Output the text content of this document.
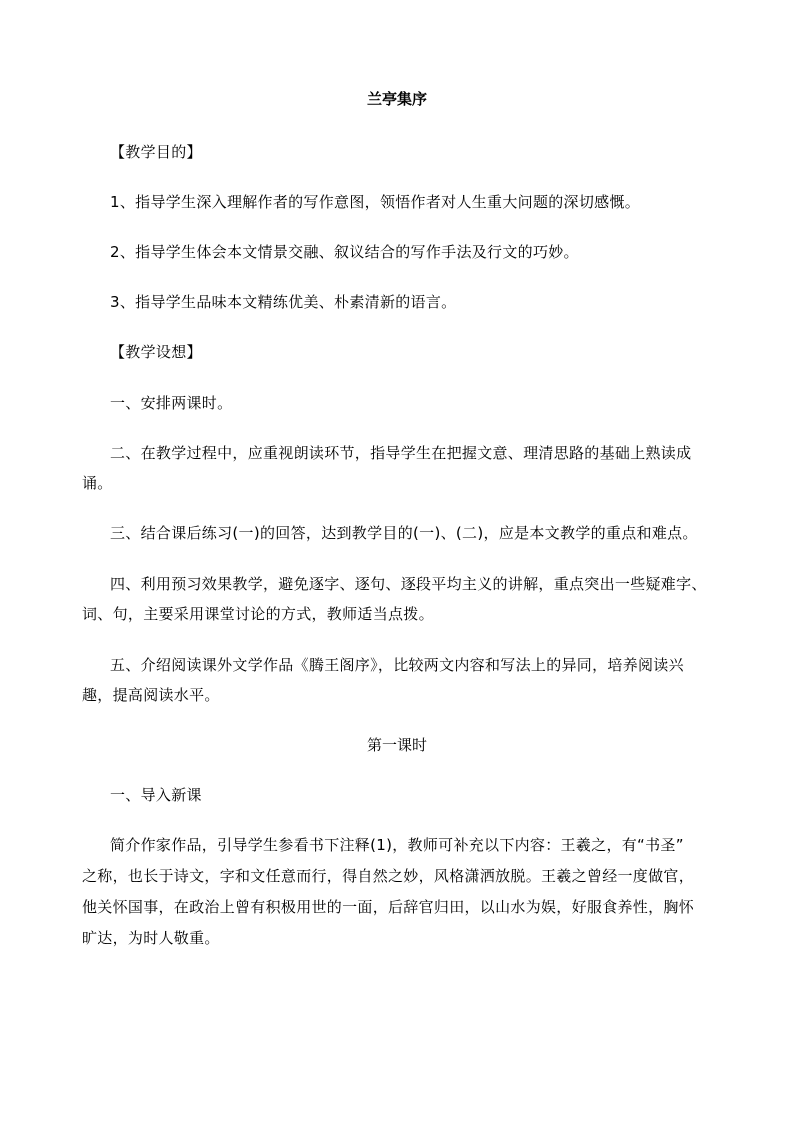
兰亭集序
【教学目的】
1、指导学生深入理解作者的写作意图，领悟作者对人生重大问题的深切感慨。
2、指导学生体会本文情景交融、叙议结合的写作手法及行文的巧妙。
3、指导学生品味本文精练优美、朴素清新的语言。
【教学设想】
一、安排两课时。
二、在教学过程中，应重视朗读环节，指导学生在把握文意、理清思路的基础上熟读成
诵。
三、结合课后练习(一)的回答，达到教学目的(一)、(二)，应是本文教学的重点和难点。
四、利用预习效果教学，避免逐字、逐句、逐段平均主义的讲解，重点突出一些疑难字、
词、句，主要采用课堂讨论的方式，教师适当点拨。
五、介绍阅读课外文学作品《腾王阁序》，比较两文内容和写法上的异同，培养阅读兴
趣，提高阅读水平。
第一课时
一、导入新课
简介作家作品，引导学生参看书下注释(1)，教师可补充以下内容：王羲之，有“书圣”
之称，也长于诗文，字和文任意而行，得自然之妙，风格潇洒放脱。王羲之曾经一度做官，
他关怀国事，在政治上曾有积极用世的一面，后辞官归田，以山水为娱，好服食养性，胸怀
旷达，为时人敬重。
